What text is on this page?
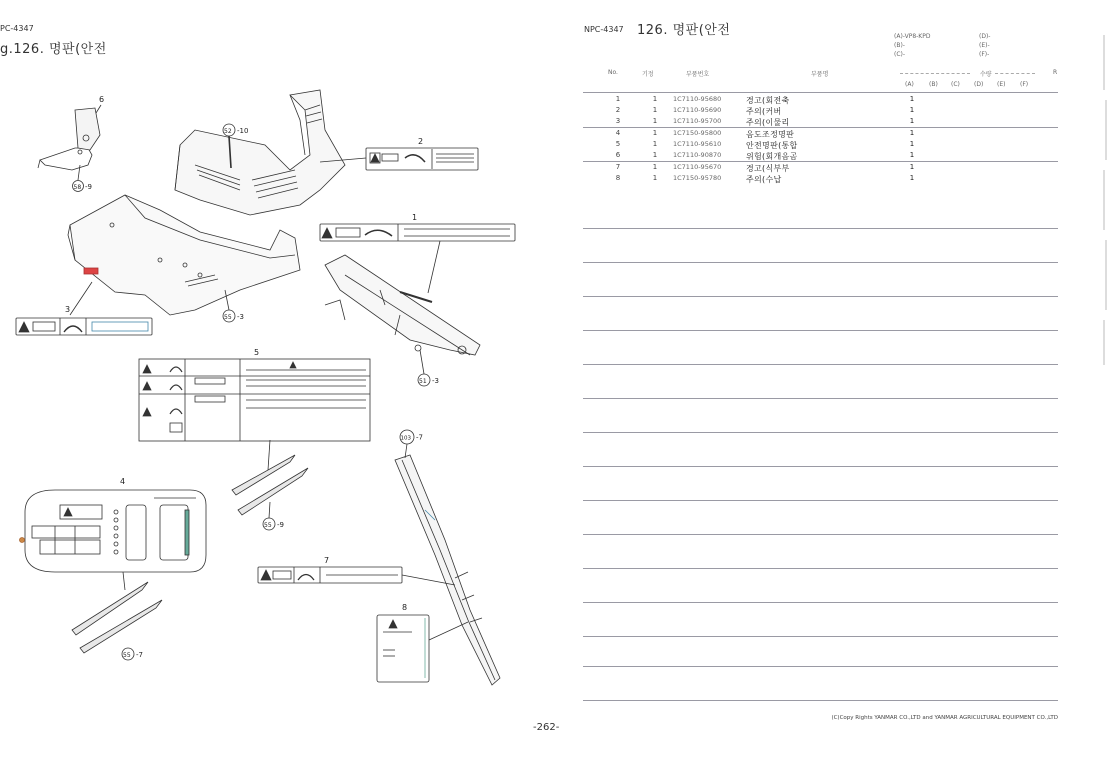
PC-4347
g.126. 명판(안전
6
58 -9
52 -10
2
1
55 -3
3
51 -3
5
55 -9
4
55 -7
103 -7
7
8
-262-
NPC-4347 126. 명판(안전	(A)-VP8-KPD
(B)-
(C)-
(D)-
(E)-
(F)-
No.	기정	부품번호	부품명	수량	R
(A)	(B) (C) (D) (E) (F)
1	1	1C7110-95680	경고(회전축	1
2	1	1C7110-95690	주의(커버	1
3	1	1C7110-95700	주의(이물리	1
4	1	1C7150-95800	음도조정명판	1
5	1	1C7110-95610	안전명판(통합	1
6	1	1C7110-90870	위험(회개음곰	1
7	1	1C7110-95670	경고(식부부	1
8	1	1C7150-95780	주의(수납	1
(C)Copy Rights YANMAR CO.,LTD and YANMAR AGRICULTURAL EQUIPMENT CO.,LTD
